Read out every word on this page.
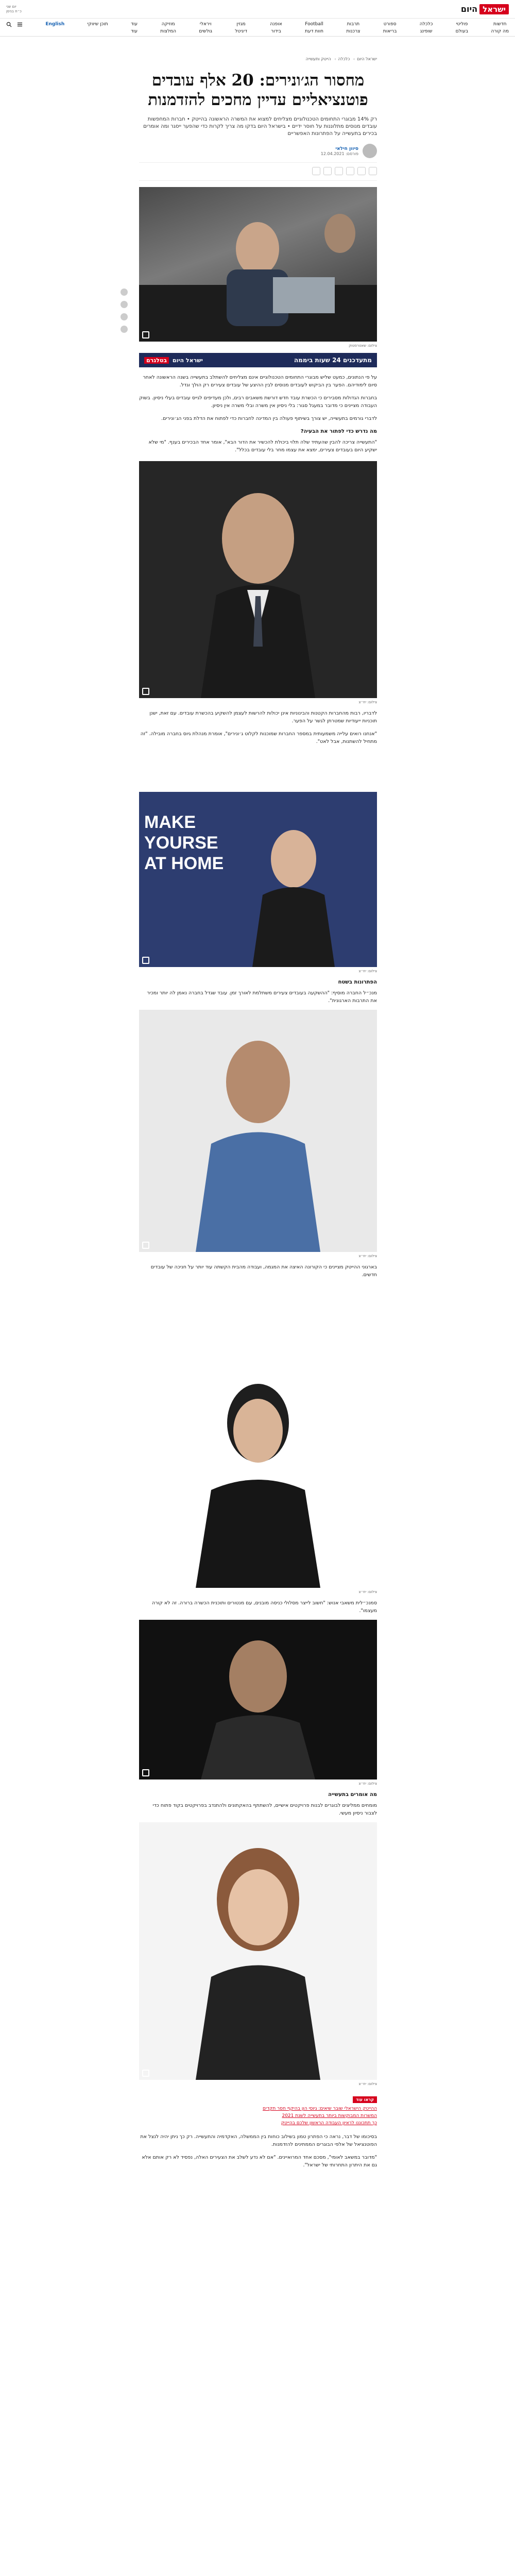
ישראל
היום
יום שני
כ״ח בניסן
חדשות
מה קורה
פוליטי
בעולם
כלכלה
שופינג
ספורט
בריאות
תרבות
צרכנות
Football
חוות דעת
אופנה
בידור
מגזין
דיגיטל
ויראלי
גולשים
מוזיקה
המלצות
עוד
עוד
תוכן שיווקי
English
ישראל היום› כלכלה› הייטק ותעשייה
מחסור הג׳ונירים: 20 אלף עובדים פוטנציאליים עדיין מחכים להזדמנות
רק 14% מבוגרי התחומים הטכנולוגיים מצליחים למצוא את המשרה הראשונה בהייטק • חברות המחפשות עובדים מנוסים מתלוננות על חוסר ידיים • בישראל היום בדקו מה צריך לקרות כדי שהפער ייסגר ומה אומרים בכירים בתעשייה על הפתרונות האפשריים
סיוון חילאי
פורסם: 12.04.2021
צילום: שאטרסטוק
מתעדכנים 24 שעות ביממה
ישראל היום בטלגרם

על פי הנתונים, כמעט שליש מבוגרי התחומים הטכנולוגיים אינם מצליחים להשתלב בתעשייה בשנה הראשונה לאחר סיום לימודיהם. הפער בין הביקוש לעובדים מנוסים לבין ההיצע של עובדים צעירים רק הולך וגדל.

בחברות הגדולות מסבירים כי הכשרת עובד חדש דורשת משאבים רבים, ולכן מעדיפים לגייס עובדים בעלי ניסיון. בשוק העבודה מציינים כי מדובר במעגל סגור: בלי ניסיון אין משרה ובלי משרה אין ניסיון.

לדברי גורמים בתעשייה, יש צורך בשיתוף פעולה בין המדינה לחברות כדי לפתוח את הדלת בפני הג׳ונירים.

מה נדרש כדי לפתור את הבעיה?

"התעשייה צריכה להבין שהעתיד שלה תלוי ביכולת להכשיר את הדור הבא", אומר אחד הבכירים בענף. "מי שלא ישקיע היום בעובדים צעירים, ימצא את עצמו מחר בלי עובדים בכלל".

צילום: יח״צ

לדבריו, רבות מהחברות הקטנות והבינוניות אינן יכולות להרשות לעצמן להשקיע בהכשרת עובדים. עם זאת, ישנן תוכניות ייעודיות שמטרתן לגשר על הפער.

"אנחנו רואים עלייה משמעותית במספר החברות שמוכנות לקלוט ג׳ונירים", אומרת מנהלת גיוס בחברה מובילה. "זה מתחיל להשתנות, אבל לאט".

MAKE
YOURSE
AT HOME
צילום: יח״צ
הפתרונות בשטח

מנכ״ל החברה מוסיף: "ההשקעה בעובדים צעירים משתלמת לאורך זמן. עובד שגדל בחברה נאמן לה יותר ומכיר את התרבות הארגונית".

צילום: יח״צ

בארגוני ההייטק מציינים כי הקורונה האיצה את המגמה, ועבודה מהבית הקשתה עוד יותר על חניכה של עובדים חדשים.

צילום: יח״צ

סמנכ״לית משאבי אנוש: "חשוב לייצר מסלולי כניסה מובנים, עם מנטורים ותוכנית הכשרה ברורה. זה לא קורה מעצמו".

צילום: יח״צ
מה אומרים בתעשייה

מומחים ממליצים לבוגרים לבנות פרויקטים אישיים, להשתתף בהאקתונים ולהתנדב בפרויקטים בקוד פתוח כדי לצבור ניסיון מעשי.

צילום: יח״צ
קראו עוד
ההייטק הישראלי שובר שיאים: גיוסי הון בהיקף חסר תקדים
המשרות המבוקשות ביותר בתעשייה לשנת 2021
כך תתכוננו לראיון העבודה הראשון שלכם בהייטק

בסיכומו של דבר, נראה כי הפתרון טמון בשילוב כוחות בין הממשלה, האקדמיה והתעשייה. רק כך ניתן יהיה לנצל את הפוטנציאל של אלפי הבוגרים הממתינים להזדמנות.

"מדובר במשאב לאומי", מסכם אחד המרואיינים. "אם לא נדע לשלב את הצעירים האלה, נפסיד לא רק אותם אלא גם את היתרון התחרותי של ישראל".
